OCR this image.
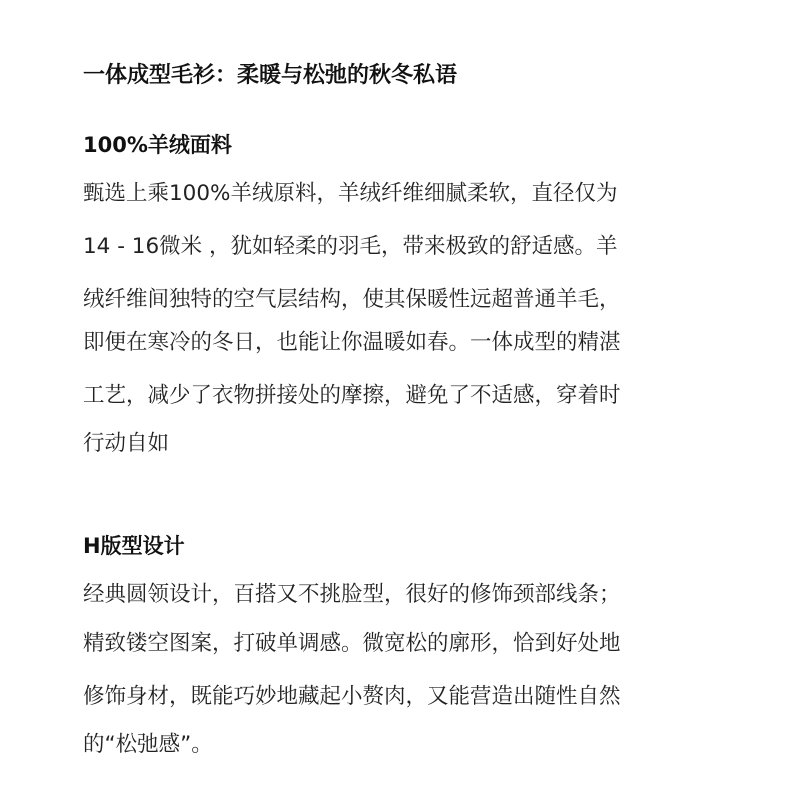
一体成型毛衫：柔暖与松弛的秋冬私语
100%羊绒面料

甄选上乘100%羊绒原料，羊绒纤维细腻柔软，直径仅为

14 - 16微米 ，犹如轻柔的羽毛，带来极致的舒适感。羊

绒纤维间独特的空气层结构，使其保暖性远超普通羊毛，

即便在寒冷的冬日，也能让你温暖如春。一体成型的精湛

工艺，减少了衣物拼接处的摩擦，避免了不适感，穿着时

行动自如

H版型设计

经典圆领设计，百搭又不挑脸型，很好的修饰颈部线条；

精致镂空图案，打破单调感。微宽松的廓形，恰到好处地

修饰身材，既能巧妙地藏起小赘肉，又能营造出随性自然

的“松弛感”。
